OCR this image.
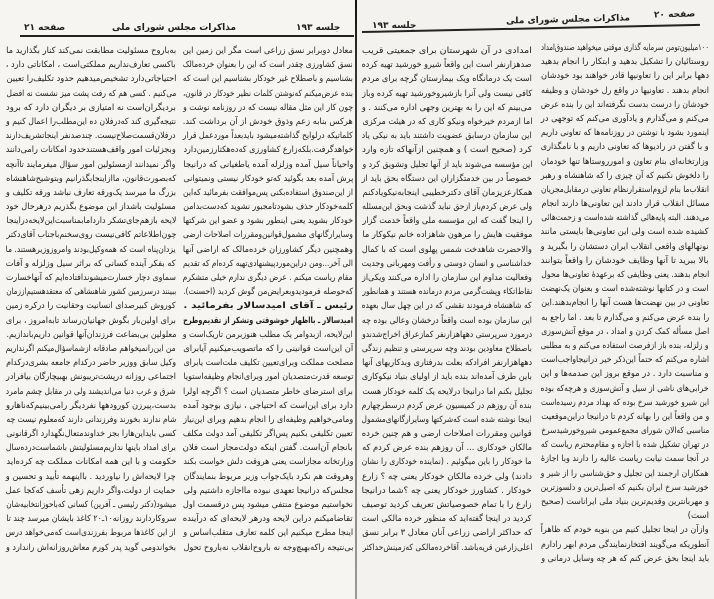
صفحه ۲۱	مذاکرات مجلس شورای ملی	جلسه ۱۹۳
به‌باروح مسئولیت مطابقت نمی‌کند کنار بگذارید ما
باکسی تعارف‌نداریم مملکتی‌است ، امکاناتی دارد ،
احتیاجاتی‌دارد تشخیص‌میدهیم حدود تکلیف‌را تعیین
می‌کنیم . کسی هم که رفت پشت میز نشست نه افضل
بردیگران‌است نه امتیازی بر دیگران دارد که برود
نتیجه‌گیری کند که‌درفلان ده این‌مطلب‌را اعمال کنیم و
درفلان‌قسمت‌صلاح‌نیست. چندصدنفر اینجاتشریف‌دارند
وبجزئیات امور واقف‌هستند‌حدود امکانات رامی‌دانند
واگر نمیدانند ازمسئولین امور سؤال میفرمایند تاآنچه
که‌بصورت‌قانون، ماازاینجابگذرانیم وبتوشیح‌شاهنشاه
بزرگ ما میرسد یک‌ورقه تعارف نباشد ورقه تکلیف و
مسئولیت باشداز این موضوع بگذریم درهرحال خود
لایحه بازهم‌جای‌تشکر داردامابمناسبت‌این‌لایحه‌در‌اینجا
چون‌اطلاعاتم کافی‌نیست روی‌سخنم‌باجناب آقای‌دکتر
یزدان‌پناه است که همه‌وکیل‌بودند وامروزوزیرهستند. ما
که بفکر آینده کسانی که براثر سیل وزلزله و آفات
سماوی دچار خسارت‌میشوندافتاده‌ایم که آنها‌خسارت
ببینند درسرزمین کشور شاهنشاهی که معتقدهستیم‌اززمان
کوروش کبیرصدای انسانیت وحقانیت را درکره زمین
برای اولین‌بار بگوش جهانیان‌رساند تابه‌امروز ، برای
معلولین بی‌بضاعت فرزندان‌آنها قوانین داریم‌باندازیم.
من این‌رانمیخواهم صادقانه ازشماسؤال‌میکنم اگرنداریم
وکیل سابق ووزیر حاضر درکدام جامعه بشری‌درکدام
اجتماعی روزانه درپشت‌تریبونش بهبیچارگان بیافرادر
شرق و غرب دنیا می‌اندیشند ولی در مقابل چشم مامرد
بدست،پیرزن کورودهها نفردیگر رامی‌بینیم‌که‌ناهارو
شام ندارند بخورند وفرزندانی دارند که‌معلوم نیست چه
کسی بایداین‌هارا بجز خداوند‌متعال‌نگهدارد اگرقانونی
برای امداد باینها نداریم‌مسئولیتش باشماست‌درده‌سال
حکومت و با این همه امکانات مملکت چه کرده‌اید
چرا لایحه‌اش را نیاوردید . بااینهمه تأیید و تحسین و
حمایت از دولت،واگر داریم زهی تأسف که‌کجا عمل
میشود(دکتر رئیسی ـ آفرین) کسانی که‌باحوزانتخابیه‌شان
سروکاردارند روزانه۱۰ـ۲۰ کاغذ بایشان میرسد چند تا
از این کاغذها مربوط بفرزندی‌است که‌می‌خواهد درس
بخواند‌ومی گوید پدر کورم معاش‌روزانه‌اش راندارد و
معادل دوبرابر نسق زراعی است مگر این زمین این
نسق کشاورزی چقدر است که این را بعنوان خرده‌مالک
بشناسیم و باصطلاح غیر خودکار بشناسیم این است که
بنده عرض‌میکنم که‌نوشتن کلمات نظیر خودکار در قانون،
چون کار این مثل مقاله نیست که در روزنامه نوشت و
هرکس بنابه زعم وذوق خودش از آن برداشت کند.
کلماتیکه درلوایح گذاشته‌میشود بایدبعداً موردعمل قرار
خواهدگرفت.بلکه‌زارع کشاورزی که‌ده‌هکتارزمین‌دارد
واحیاناً سیل آمده وزلزله آمده یاطغیانی که درانیجا
پرش آمده بعد بگوئید که‌تو خودکار نیستی ونمیتوانی
از این‌صندوق استفاده‌بکنی پس‌موافقت بفرمائید که‌این
کلمه‌خودکار حذف بشودتامجبور نشوید که‌دست‌بدامن
خودکار بشوید یعنی اینطور بشود و عضو این شرکتها
وسایرارگانهای مشمول‌قوانین‌ومقررات اصلاحات ارضی
وهمچنین دیگر کشاورزان خرده‌مالک که اراضی آنها
الی آخر...ومن دراین‌موردپیشنهادی‌تهیه کرده‌ام که تقدیم
مقام ریاست میکنم . عرض دیگری ندارم خیلی متشکرم
که‌حوصله فرمودیدوبعرایض‌من گوش کردید (احسنت).
رئیس ـ آقای امیدسالار بفرمائید .
امیدسالار ـ بااظهار خوشوقتی وتشکر از تقدیم‌وطرح
این‌لایحه، ازبدوامر یک مطلب هنوزبرمن تاریک‌است و
آن این‌است قوانینی را که ماتصویب‌میکنیم آیابرای
مصلحت مملکت وبرای‌تعیین تکلیف ملت‌است یابرای
توسعه قدرت‌متصدیان امور وبرای‌انجام وظیفه‌استویا
برای استرضای خاطر متصدیان است ؟ اگرچه اولرا
دارد برای این‌است که احتیاجی ، نیازی بوجود آمده
ومامی‌خواهیم وظیفه‌ای را انجام بدهیم وبرای این‌نیاز
تعیین تکلیفی بکنیم پس‌اگر تکلیفی آمد دولت مکلف
بانجام آن‌است. گفتن اینکه دولت‌مجاز است فلان
وزارتخانه مجازاست یعنی هروقت دلش خواست بکند
وهروقت هم نکرد بایک‌جواب وزیر مربوط بنمایندگان
مجلس‌که درانیجا تعهدی نبوده مااجازه داشتیم ولی
نخواستیم موضوع منتفی میشود پس درقسمت اول
تقاضامیکنم دراین لایحه ودرهر لایحه‌ای که درآینده
اینجا مطرح میکنیم این کلمه تعارف متقلب‌اساس و
بی‌نتیجه راکه‌بهیچ‌وجه نه باروح‌انقلاب نه‌باروح تحول
جلسه ۱۹۳	مذاکرات مجلس شورای ملی	صفحه ۲۰
امدادی در آن شهرستان برای جمعیتی قریب
صدهزارنفر است این واقعاً شیرو خورشید تهیه کرده
است یک درمانگاه ویک بیمارستان گرچه برای مردم
کافی نیست ولی آنرا بازشیروخورشید تهیه کرده وباز
می‌بینم که این را به بهترین وجهی اداره می‌کنند . و
اما ازمردم خیرخواه ونیکو کاری که در هیئت مرکزی
این سازمان درسابق عضویت داشتند باید به نیکی یاد
کرد (صحیح است ) و همچنین ازآنهاکه تازه وارد
این مؤسسه می‌شوند باید از آنها تجلیل وتشویق کرد و
خصوصاً در بین خدمتگزاران این دستگاه بحق باید از
همکارعزیزمان آقای دکترخطیبی اینجابه‌نیکویادکنم
ولی عرض کردم‌باز ازحق نباید گذشت وبحق این‌مسئله
را اینجا گفت که این مؤسسه ملی واقعاً خدمت گزار
موفقیت هایش را مرهون شاهزاده خانم نیکوکار ما
والاحضرت شاهدخت شمس پهلوی است که با کمال
خداشناسی و انسان دوستی و رأفت ومهربانی وجدیت
وفعالیت مداوم این سازمان را اداره می‌کنند ویکی‌از
نقاط‌اتکاء وپشت‌گرمی مردم درمانده هستند و همانطور
که شاهنشاه فرمودند نقشی که در این چهل سال بعهده
این سازمان بوده است واقعاً درخشان وعالی بوده چه
درمورد سرپرستی دههاهزارنفر کمازعراق اخراج‌شدندو
باصطلاح معاودین بودند وچه سرپرستی و تنظیم زندگی
دههاهزارنفر افرادکه بعلت بدرفتاری وبدکاریهای آنها
باین طرف آمده‌اند بنده باید از اولیای بنیاد نیکوکاری
تجلیل بکنم اما درانیجا درلایحه یک کلمه خودکار هست
بنده آن روزهم در کمیسیون عرض کردم درسطرچهارم
اینجا نوشته شده است که‌شرکتها وسایرارگانهای‌مشمول
قوانین ومقررات اصلاحات ارضی و هم چنین خرده
مالکان خودکاری ... آن روزهم بنده عرض کردم که
ما خودکار را باین میگوئیم . (نماینده خودکاری را نشان
دادند) ولی خرده مالکان خودکار یعنی چه ؟ زارع
خودکار . کشاورز خودکار یعنی چه ؟شما درانیجا
زارع را با تمام خصوصیاتش تعریف کردید توصیف
کردید در اینجا گفته‌اید که منظور خرده مالکی است
که حداکثر اراضی زراعی آنان معادل ۳ برابر نسق
اعلی‌زارعین قریه‌باشد. آقاخرده‌مالکی که‌زمینش‌حداکثر
۱۰۰میلیون‌تومن سرمایه گذاری موقتی میخواهید صندوق‌امداد
روستائیان را تشکیل بدهید و ابتکار را انجام بدهید
دهها برابر این را تعاونیها قادر خواهند بود خودشان
انجام بدهند . تعاونیها در واقع رل خودشان و وظیفه
خودشان را درست بدست نگرفته‌اند این را بنده عرض
می‌کنم و می‌گذارم و یادآوری می‌کنم که توجهی در
اینمورد بشود با نوشتن در روزنامه‌ها که تعاونی داریم
و با گفتن در رادیوها که تعاونی داریم و با نامگذاری
وزارتخانه‌ای بنام تعاون و امورروستاها تنها خودمان
را دلخوش نکنیم که آن چیزی را که شاهنشاه و رهبر
انقلاب‌ما بنام لزوم‌استقرارنظام تعاونی درمقابل‌مجریان
مسائل انقلاب قرار دادند این تعاونی‌ها دارند انجام
می‌دهند. البته پایه‌هائی گذاشته شده‌است و زحمت‌هائی
کشیده شده است ولی این تعاونی‌ها بایستی مانند
نونهالهای واقعی انقلاب ایران دستشان را بگیرید و
بالا ببرید تا آنها وظایف خودشان را واقعاً بتوانند
انجام بدهند. یعنی وظایفی که برعهدهٔ تعاونی‌ها محول
است و در کتابها نوشته‌شده است و بعنوان یک‌نهضت
تعاونی در بین نهضت‌ها هست آنها را انجام‌بدهند.این
را بنده عرض می‌کنم و می‌گذارم تا بعد . اما راجع به
اصل مسأله کمک کردن و امداد ، در موقع آتش‌سوزی
و زلزله، بنده باز ازفرصت استفاده می‌کنم و به مطلبی
اشاره می‌کنم که حتماً این‌ذکر خیر درانیجاواجب‌است
و مناسبت دارد . در موقع بروز این صدمه‌ها و این
خرابی‌های ناشی از سیل و آتش‌سوزی و هرچه‌که بوده
این شیرو خورشید سرخ بوده که بهداد مردم رسیده‌است
و من واقعاً این را بهانه کردم تا درانیجا دراین‌موقعیت
مناسبی که‌الان شورای مجمع‌عمومی شیروخورشیدسرخ
در تهران تشکیل شده با اجازه و مقام‌محترم ریاست که
در آنجا سمت نیابت ریاست عالیه را دارند وبا اجازهٔ
همکاران ارجمند این تجلیل و حق‌شناسی را از شیر و
خورشید سرخ ایران بکنیم که اصیل‌ترین و دلسوزترین
و مهربانترین وقدیم‌ترین بنیاد ملی ایراناست (صحیح
است)
وازآن در اینجا تجلیل کنیم من بنوبه خودم که ظاهراً
آنطوریکه می‌گویند افتخارنمایندگی مردم ابهر رادارم
باید اینجا بحق عرض کنم که هر چه وسایل درمانی و
